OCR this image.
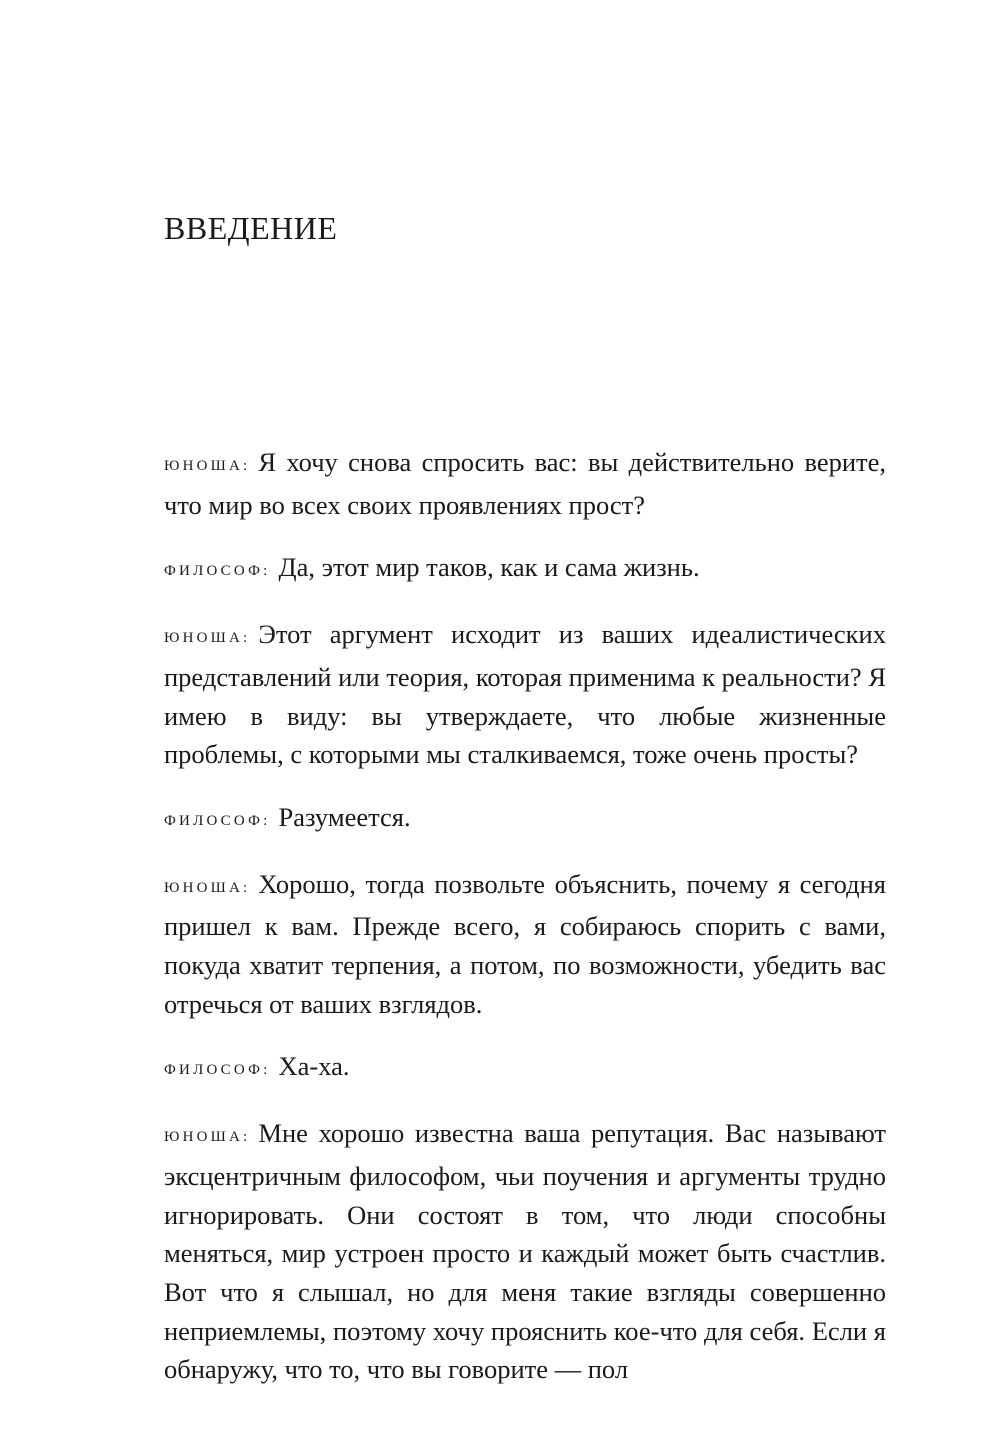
ВВЕДЕНИЕ

ЮНОША: Я хочу снова спросить вас: вы действительно верите, что мир во всех своих проявлениях прост?

ФИЛОСОФ: Да, этот мир таков, как и сама жизнь.

ЮНОША: Этот аргумент исходит из ваших идеалистических представлений или теория, которая применима к реальности? Я имею в виду: вы утверждаете, что любые жизненные проблемы, с которыми мы сталкиваемся, тоже очень просты?

ФИЛОСОФ: Разумеется.

ЮНОША: Хорошо, тогда позвольте объяснить, почему я сегодня пришел к вам. Прежде всего, я собираюсь спорить с вами, покуда хватит терпения, а потом, по возможности, убедить вас отречься от ваших взглядов.

ФИЛОСОФ: Ха-ха.

ЮНОША: Мне хорошо известна ваша репутация. Вас называют эксцентричным философом, чьи поучения и аргументы трудно игнорировать. Они состоят в том, что люди способны меняться, мир устроен просто и каждый может быть счастлив. Вот что я слышал, но для меня такие взгляды совершенно неприемлемы, поэтому хочу прояснить кое-что для себя. Если я обнаружу, что то, что вы говорите — пол
